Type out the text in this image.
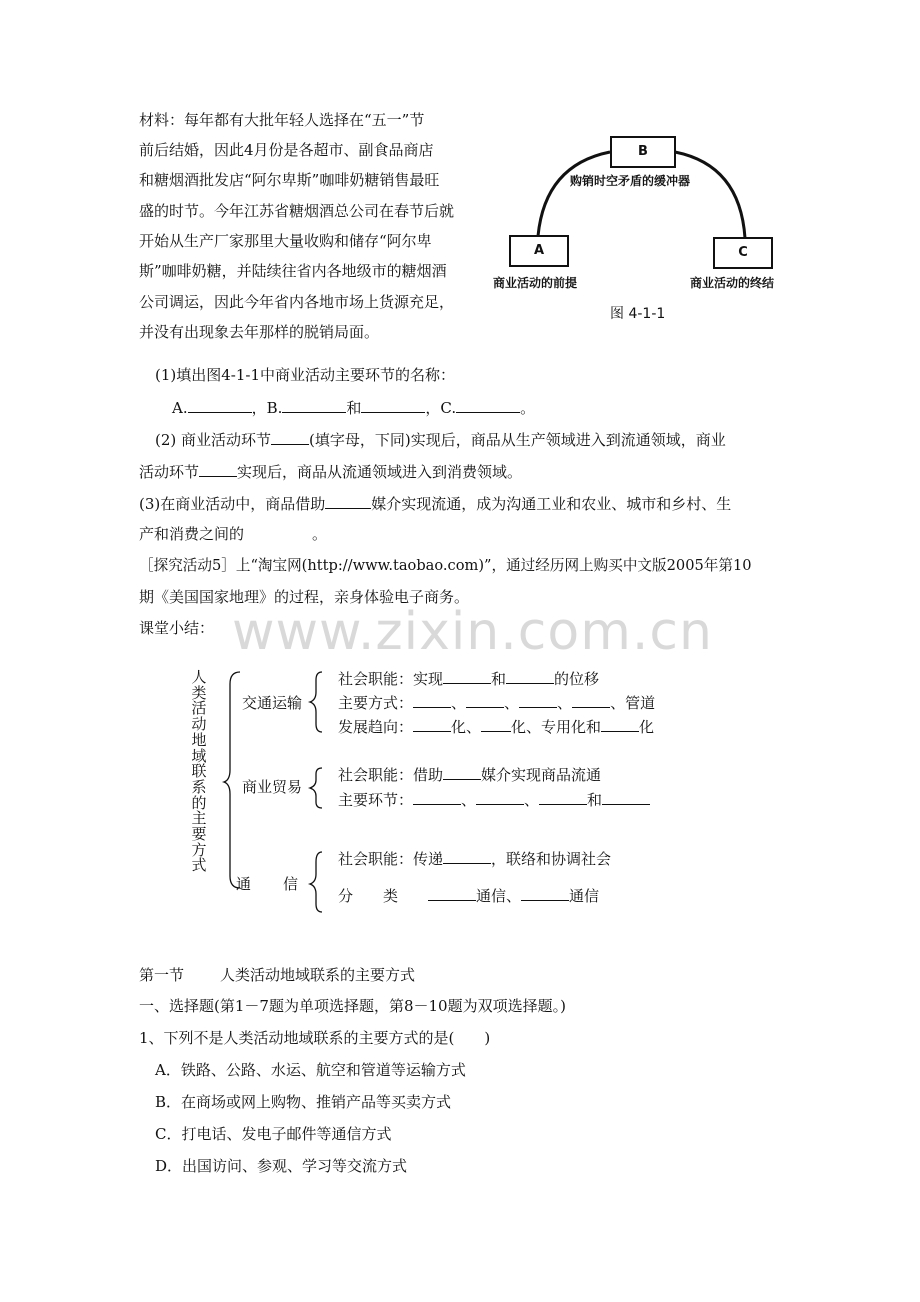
www.zixin.com.cn
材料：每年都有大批年轻人选择在“五一”节
前后结婚，因此4月份是各超市、副食品商店
和糖烟酒批发店“阿尔卑斯”咖啡奶糖销售最旺
盛的时节。今年江苏省糖烟酒总公司在春节后就
开始从生产厂家那里大量收购和储存“阿尔卑
斯”咖啡奶糖，并陆续往省内各地级市的糖烟酒
公司调运，因此今年省内各地市场上货源充足，
并没有出现象去年那样的脱销局面。
B
A	C
购销时空矛盾的缓冲器
商业活动的前提	商业活动的终结
图 4-1-1
(1)填出图4-1-1中商业活动主要环节的名称：
A.	，B.	和	，C.	。
(2) 商业活动环节	(填字母，下同)实现后，商品从生产领域进入到流通领域，商业
活动环节	实现后，商品从流通领域进入到消费领域。
(3)在商业活动中，商品借助	媒介实现流通，成为沟通工业和农业、城市和乡村、生
产和消费之间的	。
［探究活动5］上“淘宝网(http://www.taobao.com)”，通过经历网上购买中文版2005年第10
期《美国国家地理》的过程，亲身体验电子商务。
课堂小结：
人
类
活
动
地
域
联
系
的
主
要
方
式
交通运输
社会职能：实现	和	的位移
主要方式：	、	、	、	、管道
发展趋向：	化、 化、专用化和	化
商业贸易
社会职能：借助	媒介实现商品流通
主要环节：	、	、	和
通 信
社会职能：传递	，联络和协调社会
分 类	通信、	通信
第一节 人类活动地域联系的主要方式
一、选择题(第1－7题为单项选择题，第8－10题为双项选择题。)
1、下列不是人类活动地域联系的主要方式的是(　　)
A．铁路、公路、水运、航空和管道等运输方式
B．在商场或网上购物、推销产品等买卖方式
C．打电话、发电子邮件等通信方式
D．出国访问、参观、学习等交流方式
